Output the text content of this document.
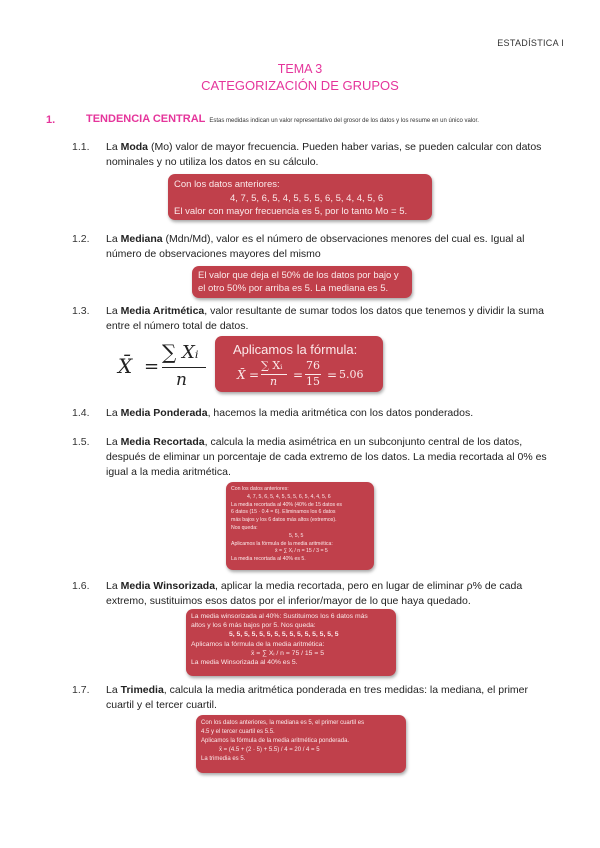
ESTADÍSTICA I
TEMA 3
CATEGORIZACIÓN DE GRUPOS
1.	TENDENCIA CENTRAL Estas medidas indican un valor representativo del grosor de los datos y los resume en un único valor.
1.1. La Moda (Mo) valor de mayor frecuencia. Pueden haber varias, se pueden calcular con datos nominales y no utiliza los datos en su cálculo.
Con los datos anteriores:
4, 7, 5, 6, 5, 4, 5, 5, 5, 6, 5, 4, 4, 5, 6
El valor con mayor frecuencia es 5, por lo tanto Mo = 5.
1.2. La Mediana (Mdn/Md), valor es el número de observaciones menores del cual es. Igual al número de observaciones mayores del mismo
El valor que deja el 50% de los datos por bajo y
el otro 50% por arriba es 5. La mediana es 5.
1.3. La Media Aritmética, valor resultante de sumar todos los datos que tenemos y dividir la suma entre el número total de datos.
X̄ =
∑ Xᵢ
n
Aplicamos la fórmula:
X̄ =
∑ Xᵢ
n =
76
15 = 5.06
1.4. La Media Ponderada, hacemos la media aritmética con los datos ponderados.
1.5. La Media Recortada, calcula la media asimétrica en un subconjunto central de los datos, después de eliminar un porcentaje de cada extremo de los datos. La media recortada al 0% es igual a la media aritmética.
Con los datos anteriores:
4, 7, 5, 6, 5, 4, 5, 5, 5, 6, 5, 4, 4, 5, 6
La media recortada al 40% (40% de 15 datos es
6 datos (15 · 0.4 = 6). Eliminamos los 6 datos
más bajos y los 6 datos más altos (extremos).
Nos queda:
5, 5, 5
Aplicamos la fórmula de la media aritmética:
x̄ = ∑ Xᵢ / n = 15 / 3 = 5
La media recortada al 40% es 5.
1.6. La Media Winsorizada, aplicar la media recortada, pero en lugar de eliminar ρ% de cada extremo, sustituimos esos datos por el inferior/mayor de lo que haya quedado.
La media winsorizada al 40%: Sustituimos los 6 datos más
altos y los 6 más bajos por 5. Nos queda:
5, 5, 5, 5, 5, 5, 5, 5, 5, 5, 5, 5, 5, 5, 5
Aplicamos la fórmula de la media aritmética:
x̄ = ∑ Xᵢ / n = 75 / 15 = 5
La media Winsorizada al 40% es 5.
1.7. La Trimedia, calcula la media aritmética ponderada en tres medidas: la mediana, el primer cuartil y el tercer cuartil.
Con los datos anteriores, la mediana es 5, el primer cuartil es
4.5 y el tercer cuartil es 5.5.
Aplicamos la fórmula de la media aritmética ponderada.
x̄ = (4.5 + (2 · 5) + 5.5) / 4 = 20 / 4 = 5
La trimedia es 5.
